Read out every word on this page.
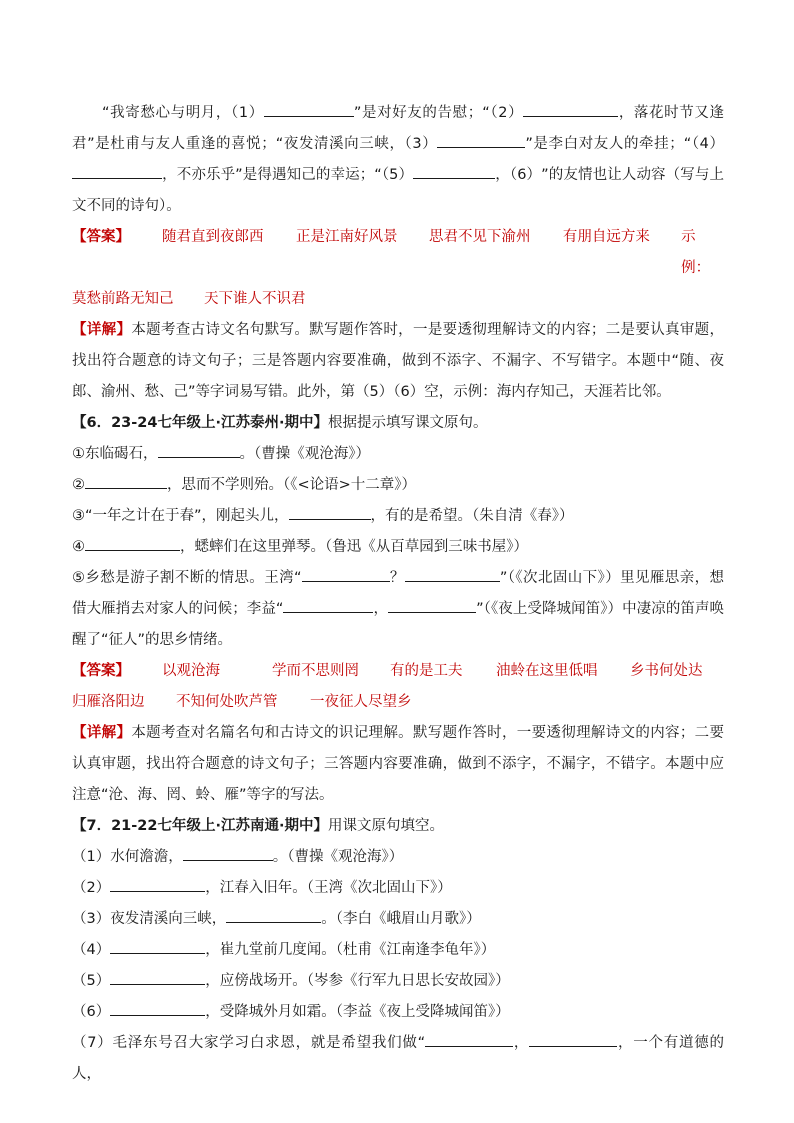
“我寄愁心与明月，（1）	”是对好友的告慰；“（2）	，落花时节又逢君”是杜甫与友人重逢的喜悦；“夜发清溪向三峡，（3）	”是李白对友人的牵挂；“（4），不亦乐乎”是得遇知己的幸运；“（5）	，（6）”的友情也让人动容（写与上文不同的诗句）。

【答案】	随君直到夜郎西	正是江南好风景	思君不见下渝州	有朋自远方来	示例：
莫愁前路无知己	天下谁人不识君

【详解】本题考查古诗文名句默写。默写题作答时，一是要透彻理解诗文的内容；二是要认真审题，找出符合题意的诗文句子；三是答题内容要准确，做到不添字、不漏字、不写错字。本题中“随、夜郎、渝州、愁、己”等字词易写错。此外，第（5）（6）空，示例：海内存知己，天涯若比邻。

【6．23-24七年级上·江苏泰州·期中】根据提示填写课文原句。

①东临碣石，	。（曹操《观沧海》）

②	，思而不学则殆。（《<论语>十二章》）

③“一年之计在于春”，刚起头儿，	，有的是希望。（朱自清《春》）

④	，蟋蟀们在这里弹琴。（鲁迅《从百草园到三味书屋》）

⑤乡愁是游子割不断的情思。王湾“	？	”（《次北固山下》）里见雁思亲，想借大雁捎去对家人的问候；李益“	，	”（《夜上受降城闻笛》）中凄凉的笛声唤醒了“征人”的思乡情绪。

【答案】	以观沧海	学而不思则罔	有的是工夫	油蛉在这里低唱	乡书何处达
归雁洛阳边	不知何处吹芦管	一夜征人尽望乡

【详解】本题考查对名篇名句和古诗文的识记理解。默写题作答时，一要透彻理解诗文的内容；二要认真审题，找出符合题意的诗文句子；三答题内容要准确，做到不添字，不漏字，不错字。本题中应注意“沧、海、罔、蛉、雁”等字的写法。

【7．21-22七年级上·江苏南通·期中】用课文原句填空。

（1）水何澹澹，	。（曹操《观沧海》）

（2）	，江春入旧年。（王湾《次北固山下》）

（3）夜发清溪向三峡，	。（李白《峨眉山月歌》）

（4）	，崔九堂前几度闻。（杜甫《江南逢李龟年》）

（5）	，应傍战场开。（岑参《行军九日思长安故园》）

（6）	，受降城外月如霜。（李益《夜上受降城闻笛》）

（7）毛泽东号召大家学习白求恩，就是希望我们做“	，	，一个有道德的人，
